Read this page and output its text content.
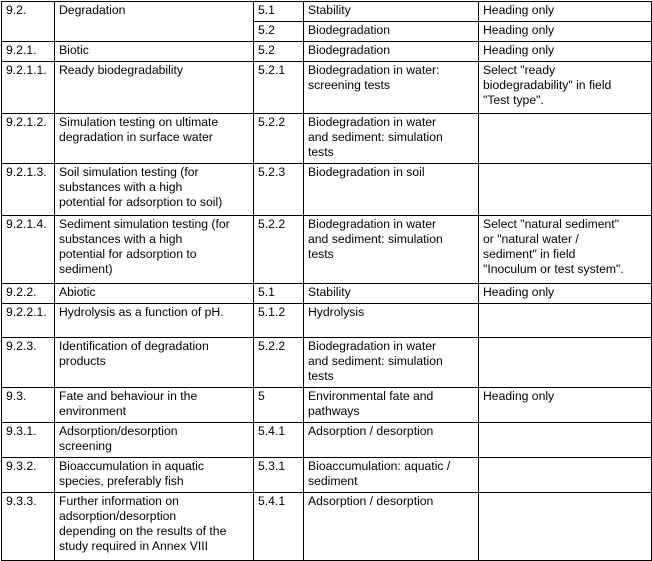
9.2.	Degradation	5.1	Stability	Heading only
		5.2	Biodegradation	Heading only
9.2.1.	Biotic	5.2	Biodegradation	Heading only
9.2.1.1.	Ready biodegradability	5.2.1	Biodegradation in water:
screening tests	Select "ready
biodegradability" in field
"Test type".
9.2.1.2.	Simulation testing on ultimate
degradation in surface water	5.2.2	Biodegradation in water
and sediment: simulation
tests	
9.2.1.3.	Soil simulation testing (for
substances with a high
potential for adsorption to soil)	5.2.3	Biodegradation in soil	
9.2.1.4.	Sediment simulation testing (for
substances with a high
potential for adsorption to
sediment)	5.2.2	Biodegradation in water
and sediment: simulation
tests	Select "natural sediment"
or "natural water /
sediment" in field
"Inoculum or test system".
9.2.2.	Abiotic	5.1	Stability	Heading only
9.2.2.1.	Hydrolysis as a function of pH.	5.1.2	Hydrolysis	
9.2.3.	Identification of degradation
products	5.2.2	Biodegradation in water
and sediment: simulation
tests	
9.3.	Fate and behaviour in the
environment	5	Environmental fate and
pathways	Heading only
9.3.1.	Adsorption/desorption
screening	5.4.1	Adsorption / desorption	
9.3.2.	Bioaccumulation in aquatic
species, preferably fish	5.3.1	Bioaccumulation: aquatic /
sediment	
9.3.3.	Further information on
adsorption/desorption
depending on the results of the
study required in Annex VIII	5.4.1	Adsorption / desorption	
